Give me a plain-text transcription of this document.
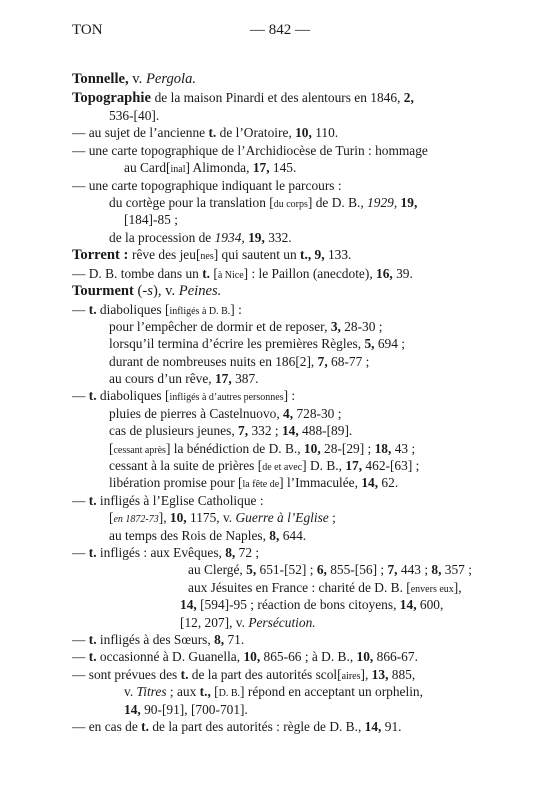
TON	— 842 —
Tonnelle, v. Pergola.
Topographie de la maison Pinardi et des alentours en 1846, 2,
536-[40].
— au sujet de l’ancienne t. de l’Oratoire, 10, 110.
— une carte topographique de l’Archidiocèse de Turin : hommage
au Card[inal] Alimonda, 17, 145.
— une carte topographique indiquant le parcours :
du cortège pour la translation [du corps] de D. B., 1929, 19,
[184]-85 ;
de la procession de 1934, 19, 332.
Torrent : rêve des jeu[nes] qui sautent un t., 9, 133.
— D. B. tombe dans un t. [à Nice] : le Paillon (anecdote), 16, 39.
Tourment (-s), v. Peines.
— t. diaboliques [infligés à D. B.] :
pour l’empêcher de dormir et de reposer, 3, 28-30 ;
lorsqu’il termina d’écrire les premières Règles, 5, 694 ;
durant de nombreuses nuits en 186[2], 7, 68-77 ;
au cours d’un rêve, 17, 387.
— t. diaboliques [infligés à d’autres personnes] :
pluies de pierres à Castelnuovo, 4, 728-30 ;
cas de plusieurs jeunes, 7, 332 ; 14, 488-[89].
[cessant après] la bénédiction de D. B., 10, 28-[29] ; 18, 43 ;
cessant à la suite de prières [de et avec] D. B., 17, 462-[63] ;
libération promise pour [la fête de] l’Immaculée, 14, 62.
— t. infligés à l’Eglise Catholique :
[en 1872-73], 10, 1175, v. Guerre à l’Eglise ;
au temps des Rois de Naples, 8, 644.
— t. infligés : aux Evêques, 8, 72 ;
au Clergé, 5, 651-[52] ; 6, 855-[56] ; 7, 443 ; 8, 357 ;
aux Jésuites en France : charité de D. B. [envers eux],
14, [594]-95 ; réaction de bons citoyens, 14, 600,
[12, 207], v. Persécution.
— t. infligés à des Sœurs, 8, 71.
— t. occasionné à D. Guanella, 10, 865-66 ; à D. B., 10, 866-67.
— sont prévues des t. de la part des autorités scol[aires], 13, 885,
v. Titres ; aux t., [D. B.] répond en acceptant un orphelin,
14, 90-[91], [700-701].
— en cas de t. de la part des autorités : règle de D. B., 14, 91.
